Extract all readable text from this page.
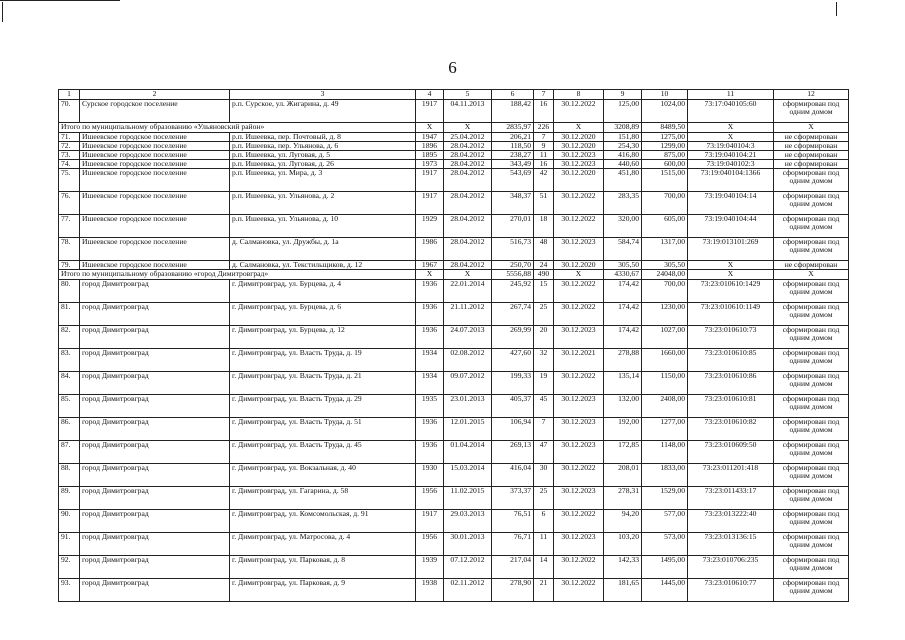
6
1	2	3	4	5	6	7	8	9	10	11	12
70.	Сурское городское поселение	р.п. Сурское, ул. Жигарина, д. 49	1917	04.11.2013	188,42	16	30.12.2022	125,00	1024,00	73:17:040105:60	сформирован под одним домом
Итого по муниципальному образованию «Ульяновский район»			X	X	2835,97	226	X	3208,89	8489,50	X	X
71.	Ишеевское городское поселение	р.п. Ишеевка, пер. Почтовый, д. 8	1947	25.04.2012	206,21	7	30.12.2020	151,80	1275,00	X	не сформирован
72.	Ишеевское городское поселение	р.п. Ишеевка, пер. Ульянова, д. 6	1896	28.04.2012	118,50	9	30.12.2020	254,30	1299,00	73:19:040104:3	не сформирован
73.	Ишеевское городское поселение	р.п. Ишеевка, ул. Луговая, д. 5	1895	28.04.2012	238,27	11	30.12.2023	416,80	875,00	73:19:040104:21	не сформирован
74.	Ишеевское городское поселение	р.п. Ишеевка, ул. Луговая, д. 26	1973	28.04.2012	343,49	16	30.12.2023	440,60	600,00	73:19:040102:3	не сформирован
75.	Ишеевское городское поселение	р.п. Ишеевка, ул. Мира, д. 3	1917	28.04.2012	543,69	42	30.12.2020	451,80	1515,00	73:19:040104:1366	сформирован под одним домом
76.	Ишеевское городское поселение	р.п. Ишеевка, ул. Ульянова, д. 2	1917	28.04.2012	348,37	51	30.12.2022	283,35	700,00	73:19:040104:14	сформирован под одним домом
77.	Ишеевское городское поселение	р.п. Ишеевка, ул. Ульянова, д. 10	1929	28.04.2012	270,01	18	30.12.2022	320,00	605,00	73:19:040104:44	сформирован под одним домом
78.	Ишеевское городское поселение	д. Салмановка, ул. Дружбы, д. 1а	1986	28.04.2012	516,73	48	30.12.2023	584,74	1317,00	73:19:013101:269	сформирован под одним домом
79.	Ишеевское городское поселение	д. Салмановка, ул. Текстильщиков, д. 12	1967	28.04.2012	250,70	24	30.12.2020	305,50	305,50	X	не сформирован
Итого по муниципальному образованию «город Димитровград»			X	X	5556,88	490	X	4330,67	24048,00	X	X
80.	город Димитровград	г. Димитровград, ул. Бурцева, д. 4	1936	22.01.2014	245,92	15	30.12.2022	174,42	700,00	73:23:010610:1429	сформирован под одним домом
81.	город Димитровград	г. Димитровград, ул. Бурцева, д. 6	1936	21.11.2012	267,74	25	30.12.2022	174,42	1230,00	73:23:010610:1149	сформирован под одним домом
82.	город Димитровград	г. Димитровград, ул. Бурцева, д. 12	1936	24.07.2013	269,99	20	30.12.2023	174,42	1027,00	73:23:010610:73	сформирован под одним домом
83.	город Димитровград	г. Димитровград, ул. Власть Труда, д. 19	1934	02.08.2012	427,60	32	30.12.2021	278,88	1660,00	73:23:010610:85	сформирован под одним домом
84.	город Димитровград	г. Димитровград, ул. Власть Труда, д. 21	1934	09.07.2012	199,33	19	30.12.2022	135,14	1150,00	73:23:010610:86	сформирован под одним домом
85.	город Димитровград	г. Димитровград, ул. Власть Труда, д. 29	1935	23.01.2013	405,37	45	30.12.2023	132,00	2408,00	73:23:010610:81	сформирован под одним домом
86.	город Димитровград	г. Димитровград, ул. Власть Труда, д. 51	1936	12.01.2015	106,94	7	30.12.2023	192,00	1277,00	73:23:010610:82	сформирован под одним домом
87.	город Димитровград	г. Димитровград, ул. Власть Труда, д. 45	1936	01.04.2014	269,13	47	30.12.2023	172,85	1148,00	73:23:010609:50	сформирован под одним домом
88.	город Димитровград	г. Димитровград, ул. Вокзальная, д. 40	1930	15.03.2014	416,04	30	30.12.2022	208,01	1833,00	73:23:011201:418	сформирован под одним домом
89.	город Димитровград	г. Димитровград, ул. Гагарина, д. 58	1956	11.02.2015	373,37	25	30.12.2023	278,31	1529,00	73:23:011433:17	сформирован под одним домом
90.	город Димитровград	г. Димитровград, ул. Комсомольская, д. 91	1917	29.03.2013	76,51	6	30.12.2022	94,20	577,00	73:23:013222:40	сформирован под одним домом
91.	город Димитровград	г. Димитровград, ул. Матросова, д. 4	1956	30.01.2013	76,71	11	30.12.2023	103,20	573,00	73:23:013136:15	сформирован под одним домом
92.	город Димитровград	г. Димитровград, ул. Парковая, д. 8	1939	07.12.2012	217,04	14	30.12.2022	142,33	1495,00	73:23:010706:235	сформирован под одним домом
93.	город Димитровград	г. Димитровград, ул. Парковая, д. 9	1938	02.11.2012	278,90	21	30.12.2022	181,65	1445,00	73:23:010610:77	сформирован под одним домом
